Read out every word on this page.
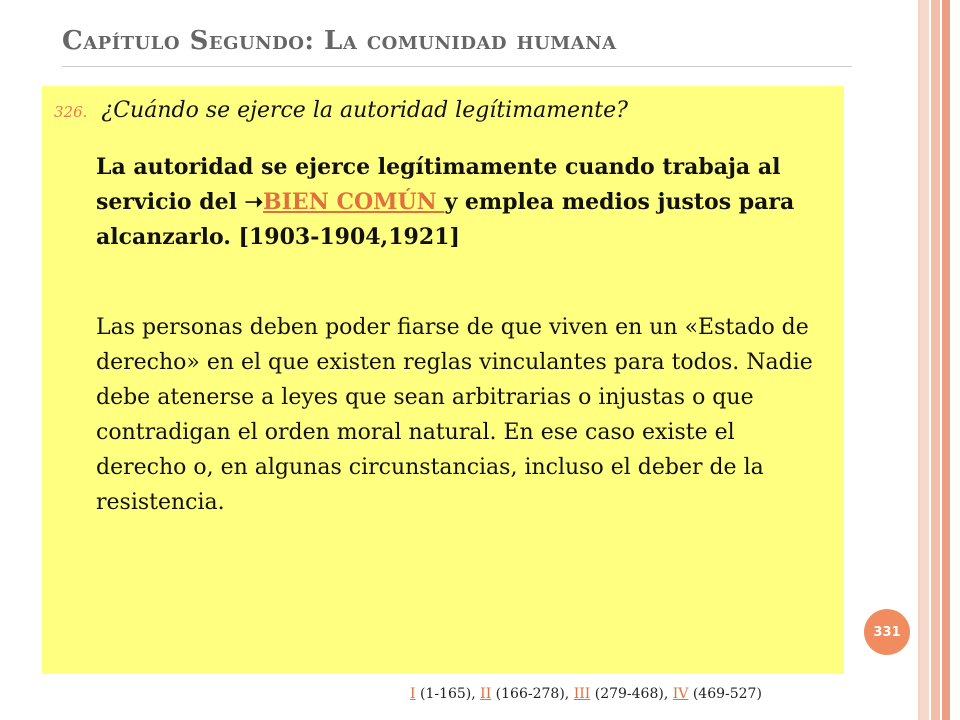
Capítulo Segundo: La comunidad humana
326. ¿Cuándo se ejerce la autoridad legítimamente?
La autoridad se ejerce legítimamente cuando trabaja al servicio del ➝BIEN COMÚN y emplea medios justos para alcanzarlo. [1903-1904,1921]
Las personas deben poder fiarse de que viven en un «Estado de derecho» en el que existen reglas vinculantes para todos. Nadie debe atenerse a leyes que sean arbitrarias o injustas o que contradigan el orden moral natural. En ese caso existe el derecho o, en algunas circunstancias, incluso el deber de la resistencia.
331
I (1-165), II (166-278), III (279-468), IV (469-527)
